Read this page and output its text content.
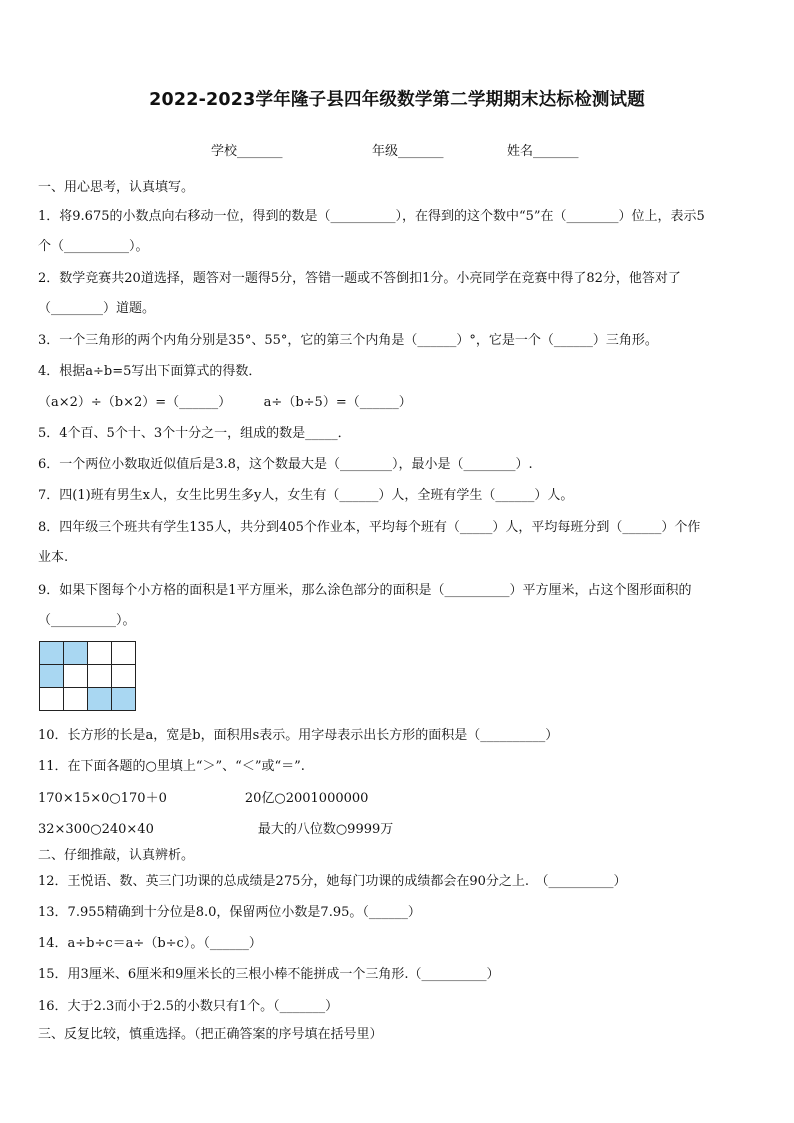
2022-2023学年隆子县四年级数学第二学期期末达标检测试题
学校_______	年级_______	姓名_______
一、用心思考，认真填写。
1．将9.675的小数点向右移动一位，得到的数是（__________），在得到的这个数中“5”在（________）位上，表示5
个（__________）。
2．数学竞赛共20道选择，题答对一题得5分，答错一题或不答倒扣1分。小亮同学在竞赛中得了82分，他答对了
（________）道题。
3．一个三角形的两个内角分别是35°、55°，它的第三个内角是（______）°，它是一个（______）三角形。
4．根据a÷b=5写出下面算式的得数．
（a×2）÷（b×2）=（______）　　　a÷（b÷5）=（______）
5．4个百、5个十、3个十分之一，组成的数是_____．
6．一个两位小数取近似值后是3.8，这个数最大是（________），最小是（________）.
7．四(1)班有男生x人，女生比男生多y人，女生有（______）人，全班有学生（______）人。
8．四年级三个班共有学生135人，共分到405个作业本，平均每个班有（_____）人，平均每班分到（______）个作
业本.
9．如果下图每个小方格的面积是1平方厘米，那么涂色部分的面积是（__________）平方厘米，占这个图形面积的
（__________）。
10．长方形的长是a，宽是b，面积用s表示。用字母表示出长方形的面积是（__________）
11．在下面各题的○里填上“＞”、“＜”或“＝”.
170×15×0○170＋0　　　　　　20亿○2001000000
32×300○240×40　　　　　　　　最大的八位数○9999万
二、仔细推敲，认真辨析。
12．王悦语、数、英三门功课的总成绩是275分，她每门功课的成绩都会在90分之上.　（__________）
13．7.955精确到十分位是8.0，保留两位小数是7.95。（______）
14．a÷b÷c＝a÷（b÷c）。（______）
15．用3厘米、6厘米和9厘米长的三根小棒不能拼成一个三角形.（__________）
16．大于2.3而小于2.5的小数只有1个。（_______）
三、反复比较，慎重选择。（把正确答案的序号填在括号里）
